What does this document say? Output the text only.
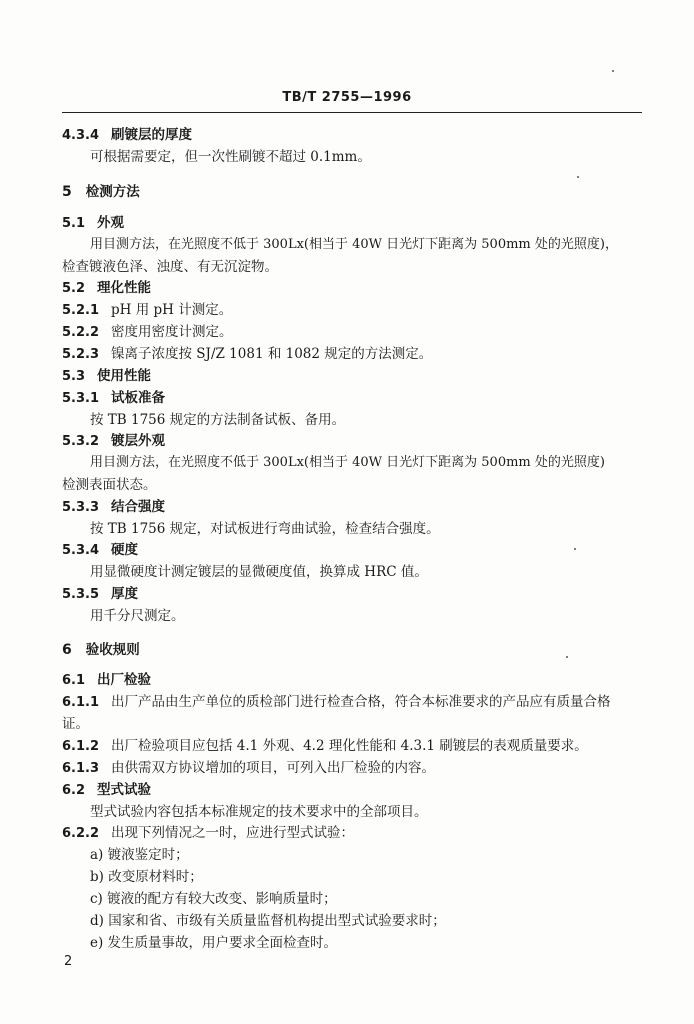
TB/T 2755—1996
4.3.4 刷镀层的厚度
可根据需要定，但一次性刷镀不超过 0.1mm。
5 检测方法
5.1 外观
用目测方法，在光照度不低于 300Lx(相当于 40W 日光灯下距离为 500mm 处的光照度)，
检查镀液色泽、浊度、有无沉淀物。
5.2 理化性能
5.2.1 pH 用 pH 计测定。
5.2.2 密度用密度计测定。
5.2.3 镍离子浓度按 SJ/Z 1081 和 1082 规定的方法测定。
5.3 使用性能
5.3.1 试板准备
按 TB 1756 规定的方法制备试板、备用。
5.3.2 镀层外观
用目测方法，在光照度不低于 300Lx(相当于 40W 日光灯下距离为 500mm 处的光照度)
检测表面状态。
5.3.3 结合强度
按 TB 1756 规定，对试板进行弯曲试验，检查结合强度。
5.3.4 硬度
用显微硬度计测定镀层的显微硬度值，换算成 HRC 值。
5.3.5 厚度
用千分尺测定。
6 验收规则
6.1 出厂检验
6.1.1 出厂产品由生产单位的质检部门进行检查合格，符合本标准要求的产品应有质量合格
证。
6.1.2 出厂检验项目应包括 4.1 外观、4.2 理化性能和 4.3.1 刷镀层的表观质量要求。
6.1.3 由供需双方协议增加的项目，可列入出厂检验的内容。
6.2 型式试验
型式试验内容包括本标准规定的技术要求中的全部项目。
6.2.2 出现下列情况之一时，应进行型式试验：
a) 镀液鉴定时；
b) 改变原材料时；
c) 镀液的配方有较大改变、影响质量时；
d) 国家和省、市级有关质量监督机构提出型式试验要求时；
e) 发生质量事故，用户要求全面检查时。
2
